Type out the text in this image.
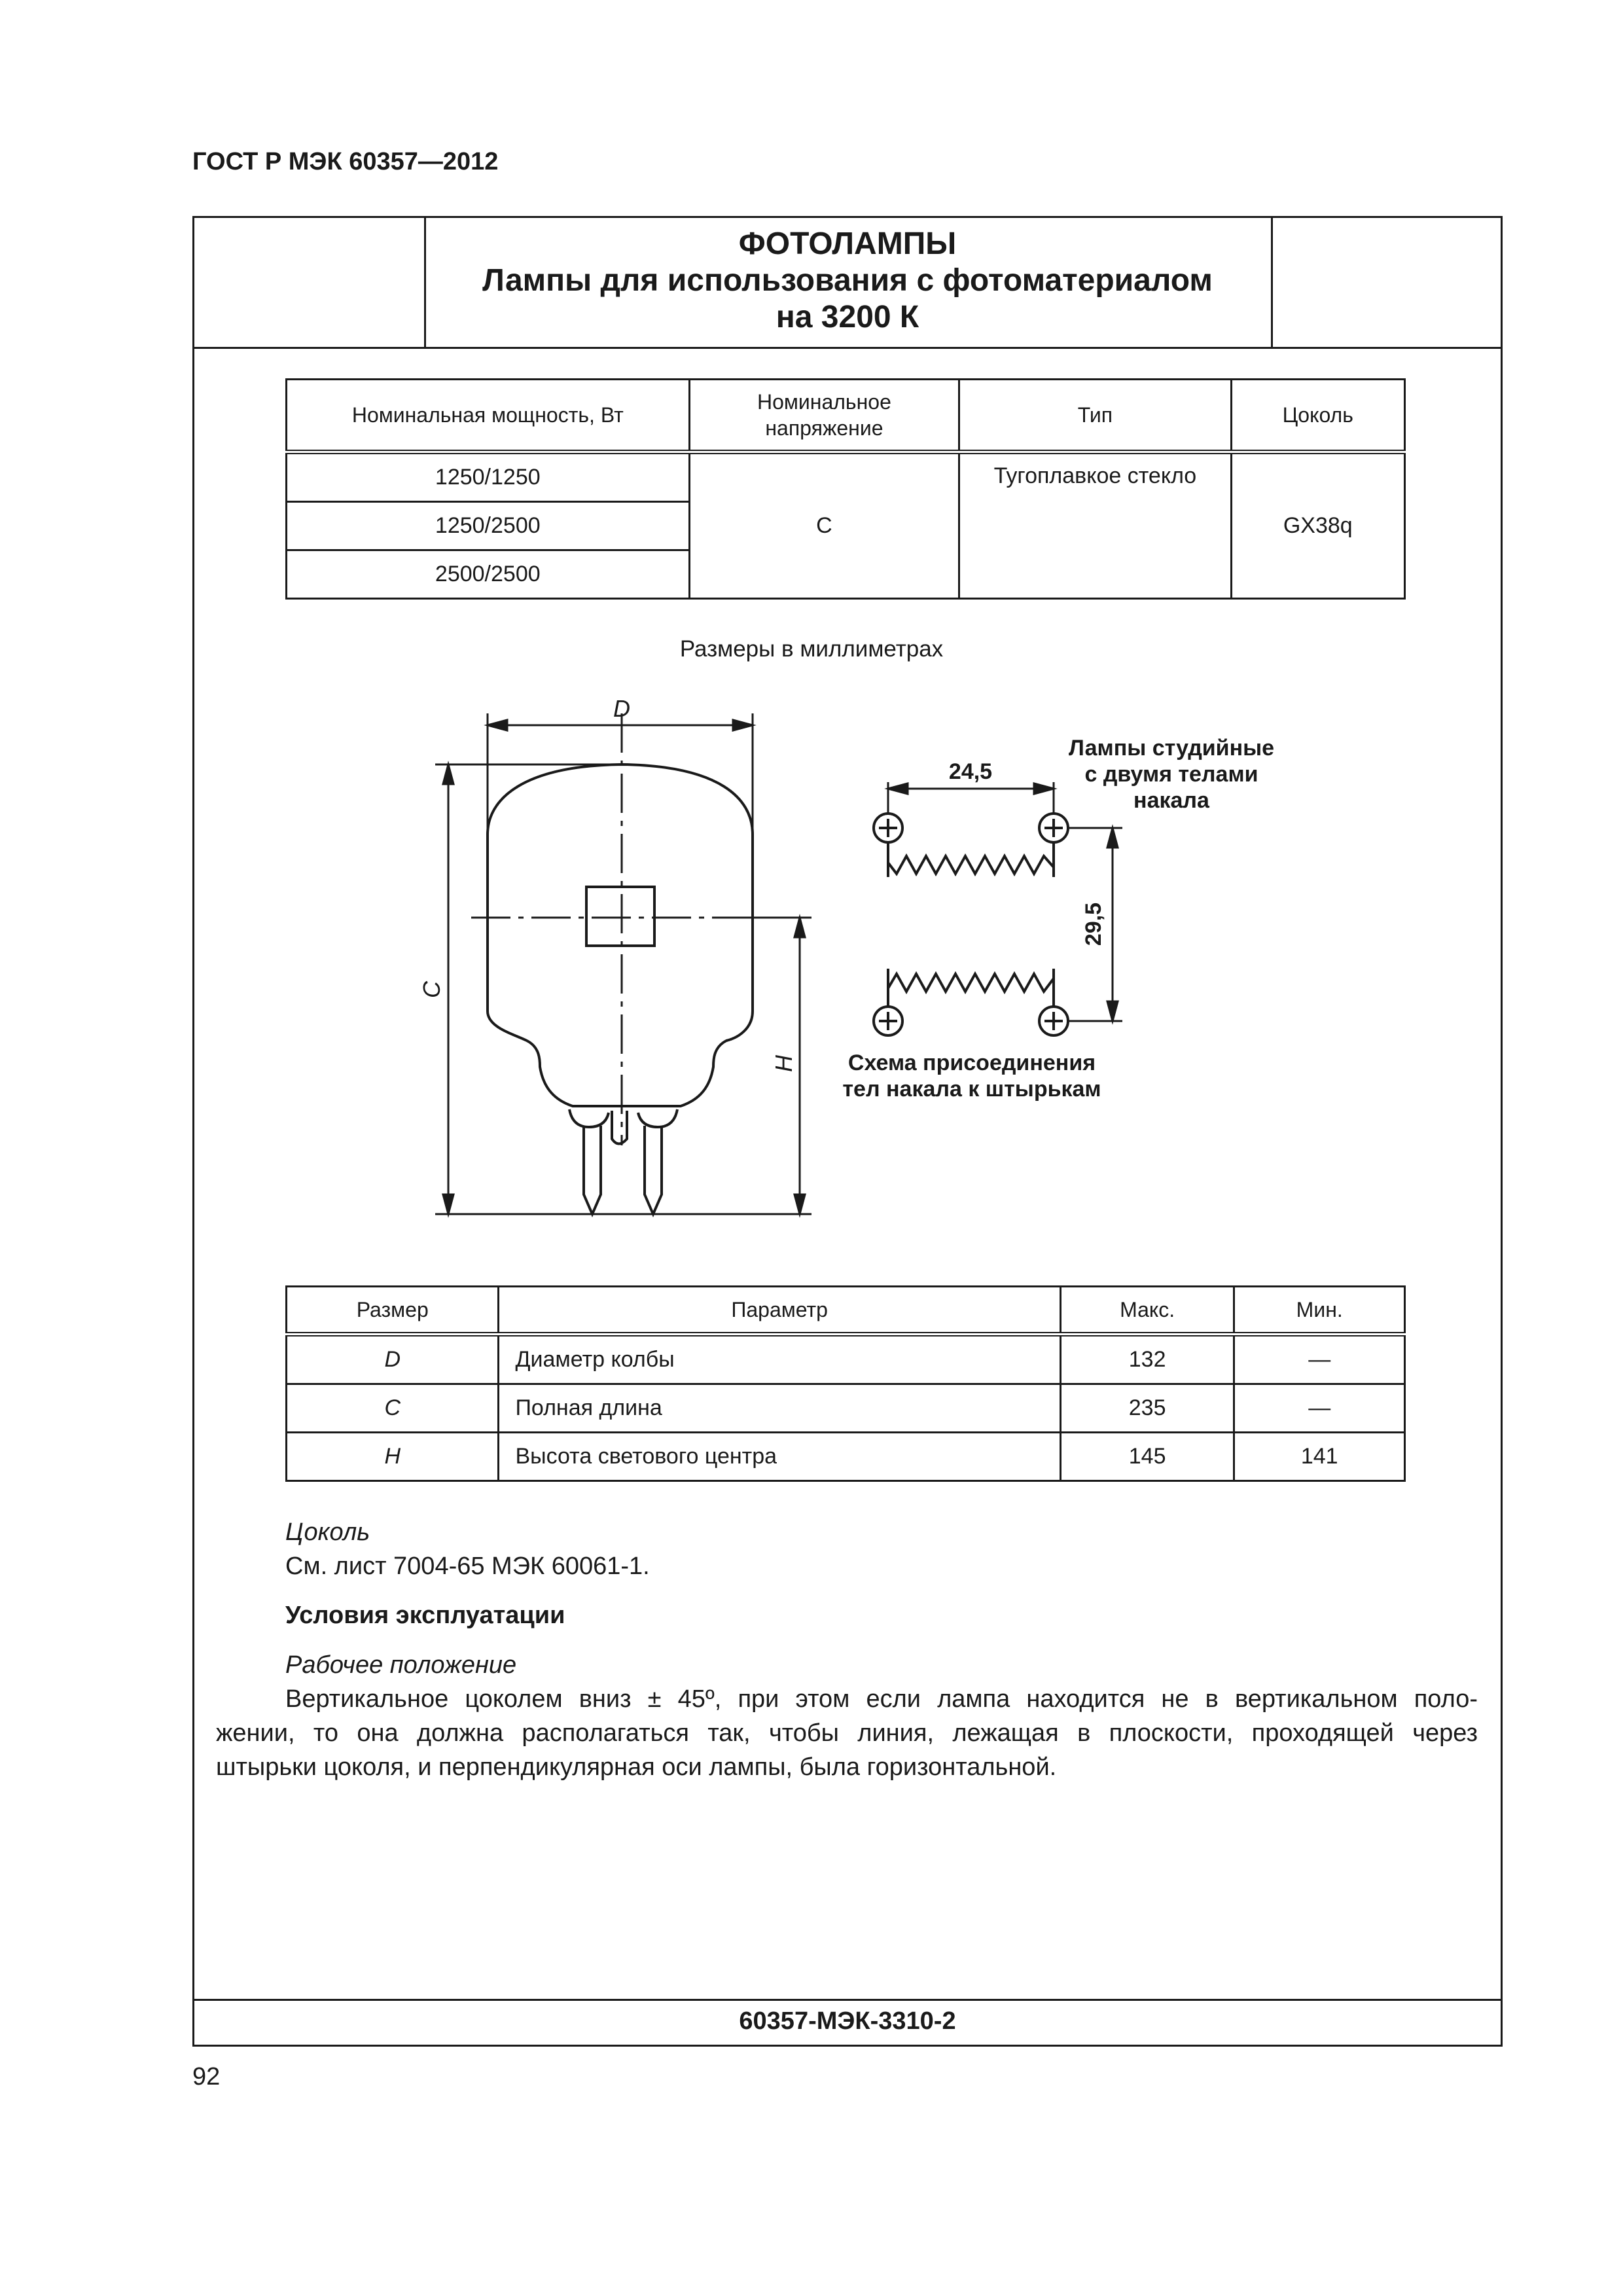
ГОСТ Р МЭК 60357—2012
ФОТОЛАМПЫ
Лампы для использования с фотоматериалом
на 3200 К
Номинальная мощность, Вт	Номинальное напряжение	Тип	Цоколь
1250/1250	С	Тугоплавкое стекло	GX38q
1250/2500			
2500/2500			
Размеры в миллиметрах
D
C
H
24,5
29,5
Лампы студийные
с двумя телами
накала
Схема присоединения
тел накала к штырькам
Размер	Параметр	Макс.	Мин.
D	Диаметр колбы	132	—
C	Полная длина	235	—
H	Высота светового центра	145	141
Цоколь
См. лист 7004-65 МЭК 60061-1.
Условия эксплуатации
Рабочее положение
Вертикальное цоколем вниз ± 45º, при этом если лампа находится не в вертикальном поло-
жении, то она должна располагаться так, чтобы линия, лежащая в плоскости, проходящей через
штырьки цоколя, и перпендикулярная оси лампы, была горизонтальной.
60357-МЭК-3310-2
92
